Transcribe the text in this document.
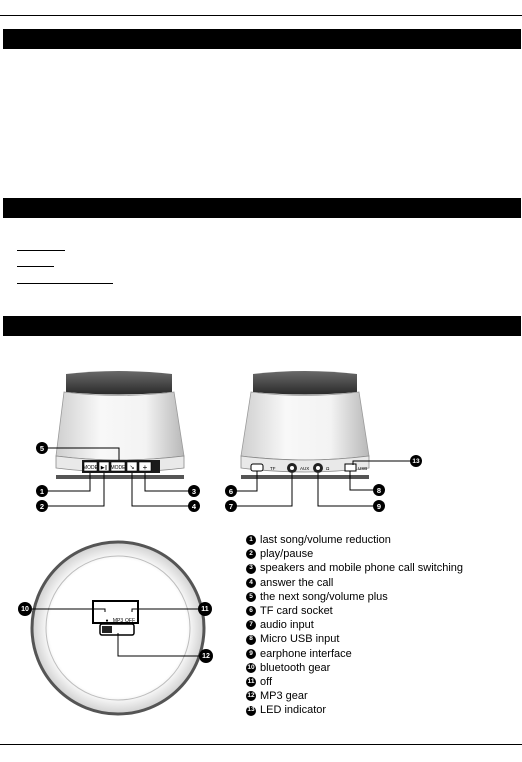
MODE ▶|| MODE ↘ +	TF	AUX	Ω	USB
● MP3 OFF
5
1
2
3
4
6
7
8
9
13
10	11
12
1 last song/volume reduction
2 play/pause
3 speakers and mobile phone call switching
4 answer the call
5 the next song/volume plus
6 TF card socket
7 audio input
8 Micro USB input
9 earphone interface
10 bluetooth gear
11 off
12 MP3 gear
13 LED indicator
